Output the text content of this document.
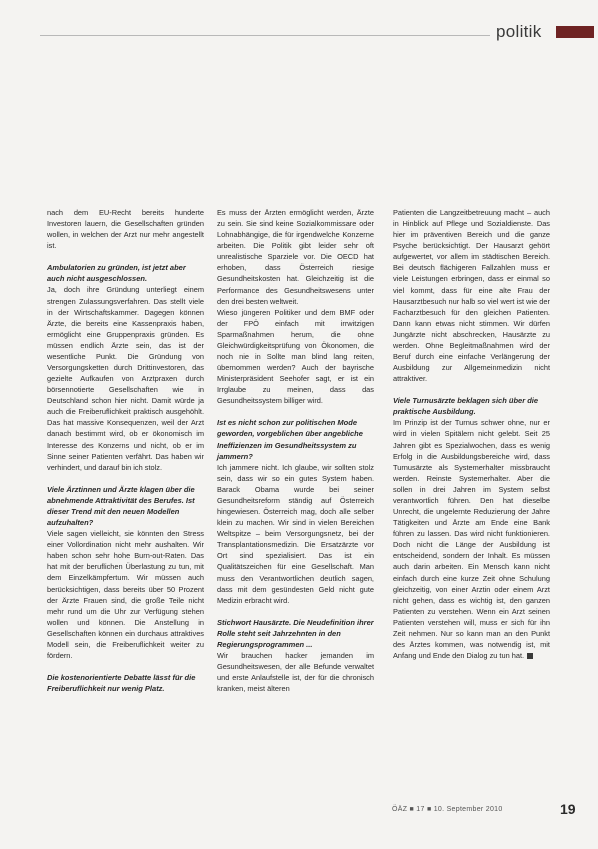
politik

nach dem EU-Recht bereits hunderte Investoren lauern, die Gesellschaften gründen wollen, in welchen der Arzt nur mehr angestellt ist.

Ambulatorien zu gründen, ist jetzt aber auch nicht ausgeschlossen.

Ja, doch ihre Gründung unterliegt einem strengen Zulassungsverfahren. Das stellt viele in der Wirtschaftskammer. Dagegen können Ärzte, die bereits eine Kassenpraxis haben, ermöglicht eine Gruppenpraxis gründen. Es müssen endlich Ärzte sein, das ist der wesentliche Punkt. Die Gründung von Versorgungsketten durch Drittinvestoren, das gezielte Aufkaufen von Arztpraxen durch börsennotierte Gesellschaften wie in Deutschland schon hier nicht. Damit würde ja auch die Freiberuflichkeit praktisch ausgehöhlt. Das hat massive Konsequenzen, weil der Arzt danach bestimmt wird, ob er ökonomisch im Interesse des Konzerns und nicht, ob er im Sinne seiner Patienten verfährt. Das haben wir verhindert, und darauf bin ich stolz.

Viele Ärztinnen und Ärzte klagen über die abnehmende Attraktivität des Berufes. Ist dieser Trend mit den neuen Modellen aufzuhalten?

Viele sagen vielleicht, sie könnten den Stress einer Vollordination nicht mehr aushalten. Wir haben schon sehr hohe Burn-out-Raten. Das hat mit der beruflichen Überlastung zu tun, mit dem Einzelkämpfertum. Wir müssen auch berücksichtigen, dass bereits über 50 Prozent der Ärzte Frauen sind, die große Teile nicht mehr rund um die Uhr zur Verfügung stehen wollen und können. Die Anstellung in Gesellschaften können ein durchaus attraktives Modell sein, die Freiberuflichkeit weiter zu fördern.

Die kostenorientierte Debatte lässt für die Freiberuflichkeit nur wenig Platz.

Es muss der Ärzten ermöglicht werden, Ärzte zu sein. Sie sind keine Sozialkommissare oder Lohnabhängige, die für irgendwelche Konzerne arbeiten. Die Politik gibt leider sehr oft unrealistische Sparziele vor. Die OECD hat erhoben, dass Österreich riesige Gesundheitskosten hat. Gleichzeitig ist die Performance des Gesundheitswesens unter den drei besten weltweit.

Wieso jüngeren Politiker und dem BMF oder der FPÖ einfach mit irrwitzigen Sparmaßnahmen herum, die ohne Gleichwürdigkeitsprüfung von Ökonomen, die noch nie in Sollte man blind lang reiten, übernommen werden? Auch der bayrische Ministerpräsident Seehofer sagt, er ist ein Irrglaube zu meinen, dass das Gesundheitssystem billiger wird.

Ist es nicht schon zur politischen Mode geworden, vorgeblichen über angebliche Ineffizienzen im Gesundheitssystem zu jammern?

Ich jammere nicht. Ich glaube, wir sollten stolz sein, dass wir so ein gutes System haben. Barack Obama wurde bei seiner Gesundheitsreform ständig auf Österreich hingewiesen. Österreich mag, doch alle selber klein zu machen. Wir sind in vielen Bereichen Weltspitze – beim Versorgungsnetz, bei der Transplantationsmedizin. Die Ersatzärzte vor Ort sind spezialisiert. Das ist ein Qualitätszeichen für eine Gesellschaft. Man muss den Verantwortlichen deutlich sagen, dass mit dem gesündesten Geld nicht gute Medizin erbracht wird.

Stichwort Hausärzte. Die Neudefinition ihrer Rolle steht seit Jahrzehnten in den Regierungsprogrammen ...

Wir brauchen hacker jemanden im Gesundheitswesen, der alle Befunde verwaltet und erste Anlaufstelle ist, der für die chronisch kranken, meist älteren

Patienten die Langzeitbetreuung macht – auch in Hinblick auf Pflege und Sozialdienste. Das hier im präventiven Bereich und die ganze Psyche berücksichtigt. Der Hausarzt gehört aufgewertet, vor allem im städtischen Bereich. Bei deutsch flächigeren Fallzahlen muss er viele Leistungen erbringen, dass er einmal so viel kommt, dass für eine alte Frau der Hausarztbesuch nur halb so viel wert ist wie der Facharztbesuch für den gleichen Patienten. Dann kann etwas nicht stimmen. Wir dürfen Jungärzte nicht abschrecken, Hausärzte zu werden. Ohne Begleitmaßnahmen wird der Beruf durch eine einfache Verlängerung der Ausbildung zur Allgemeinmedizin nicht attraktiver.

Viele Turnusärzte beklagen sich über die praktische Ausbildung.

Im Prinzip ist der Turnus schwer ohne, nur er wird in vielen Spitälern nicht gelebt. Seit 25 Jahren gibt es Spezialwochen, dass es wenig Erfolg in die Ausbildungsbereiche wird, dass Turnusärzte als Systemerhalter missbraucht werden. Reinste Systemerhalter. Aber die sollen in drei Jahren im System selbst verantwortlich führen. Den hat dieselbe Unrecht, die ungelernte Reduzierung der Jahre Tätigkeiten und Ärzte am Ende eine Bank führen zu lassen. Das wird nicht funktionieren. Doch nicht die Länge der Ausbildung ist entscheidend, sondern der Inhalt. Es müssen auch darin arbeiten. Ein Mensch kann nicht einfach durch eine kurze Zeit ohne Schulung gleichzeitig, von einer Arztin oder einem Arzt nicht gehen, dass es wichtig ist, den ganzen Patienten zu verstehen. Wenn ein Arzt seinen Patienten verstehen will, muss er sich für ihn Zeit nehmen. Nur so kann man an den Punkt des Ärztes kommen, was notwendig ist, mit Anfang und Ende den Dialog zu tun hat.

ÖÄZ ■ 17 ■ 10. September 2010	19
